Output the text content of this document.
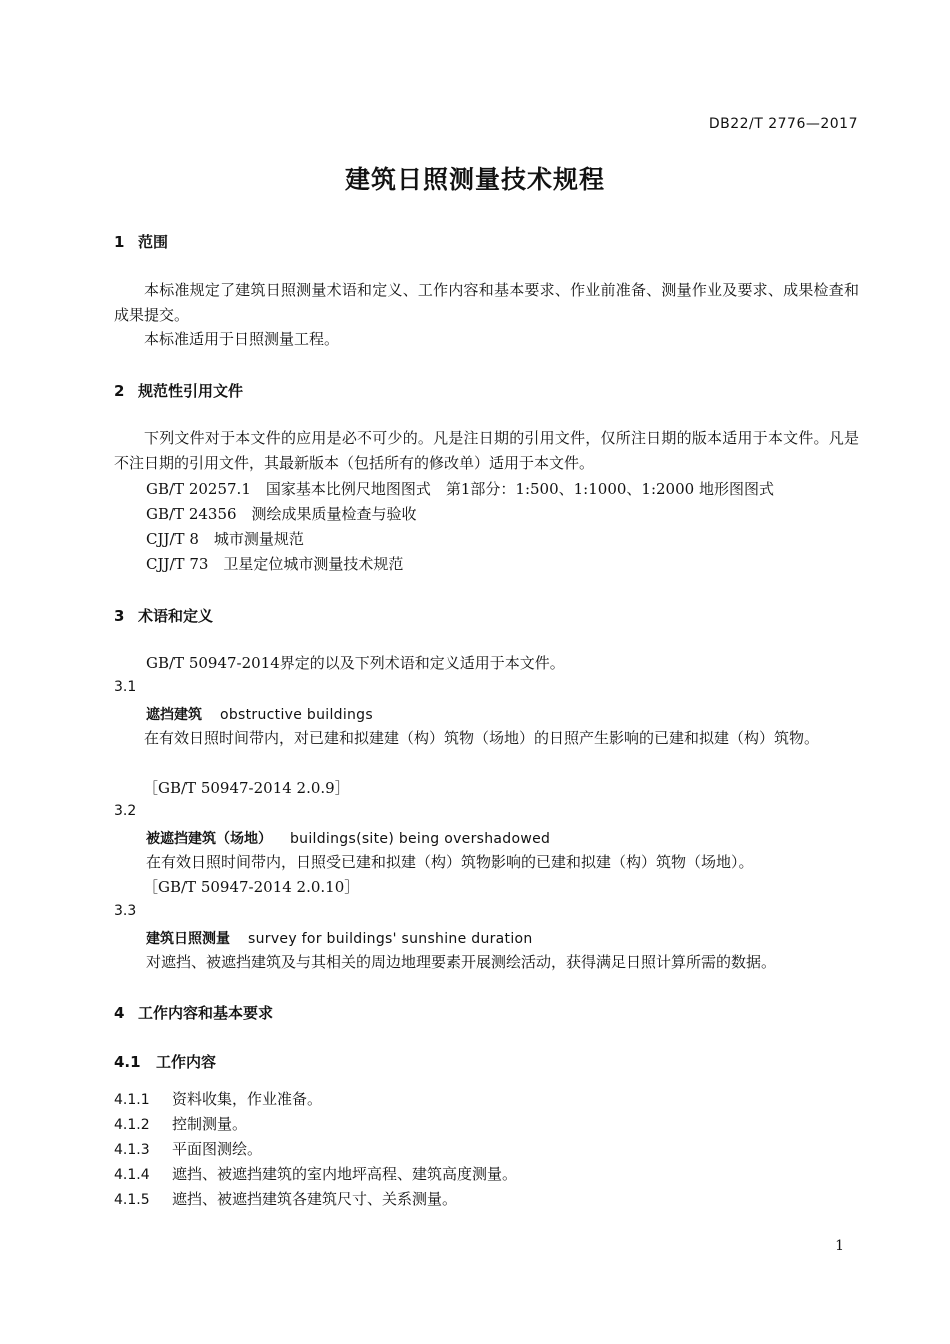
DB22/T 2776—2017
建筑日照测量技术规程
1 范围
本标准规定了建筑日照测量术语和定义、工作内容和基本要求、作业前准备、测量作业及要求、成果检查和成果提交。
本标准适用于日照测量工程。
2 规范性引用文件
下列文件对于本文件的应用是必不可少的。凡是注日期的引用文件，仅所注日期的版本适用于本文件。凡是不注日期的引用文件，其最新版本（包括所有的修改单）适用于本文件。
GB/T 20257.1　国家基本比例尺地图图式　第1部分：1:500、1:1000、1:2000 地形图图式
GB/T 24356　测绘成果质量检查与验收
CJJ/T 8　城市测量规范
CJJ/T 73　卫星定位城市测量技术规范
3 术语和定义
GB/T 50947-2014界定的以及下列术语和定义适用于本文件。
3.1
遮挡建筑 obstructive buildings
在有效日照时间带内，对已建和拟建建（构）筑物（场地）的日照产生影响的已建和拟建（构）筑物。
［GB/T 50947-2014 2.0.9］
3.2
被遮挡建筑（场地） buildings(site) being overshadowed
在有效日照时间带内，日照受已建和拟建（构）筑物影响的已建和拟建（构）筑物（场地）。
［GB/T 50947-2014 2.0.10］
3.3
建筑日照测量 survey for buildings' sunshine duration
对遮挡、被遮挡建筑及与其相关的周边地理要素开展测绘活动，获得满足日照计算所需的数据。
4 工作内容和基本要求
4.1 工作内容
4.1.1 资料收集，作业准备。
4.1.2 控制测量。
4.1.3 平面图测绘。
4.1.4 遮挡、被遮挡建筑的室内地坪高程、建筑高度测量。
4.1.5 遮挡、被遮挡建筑各建筑尺寸、关系测量。
1
